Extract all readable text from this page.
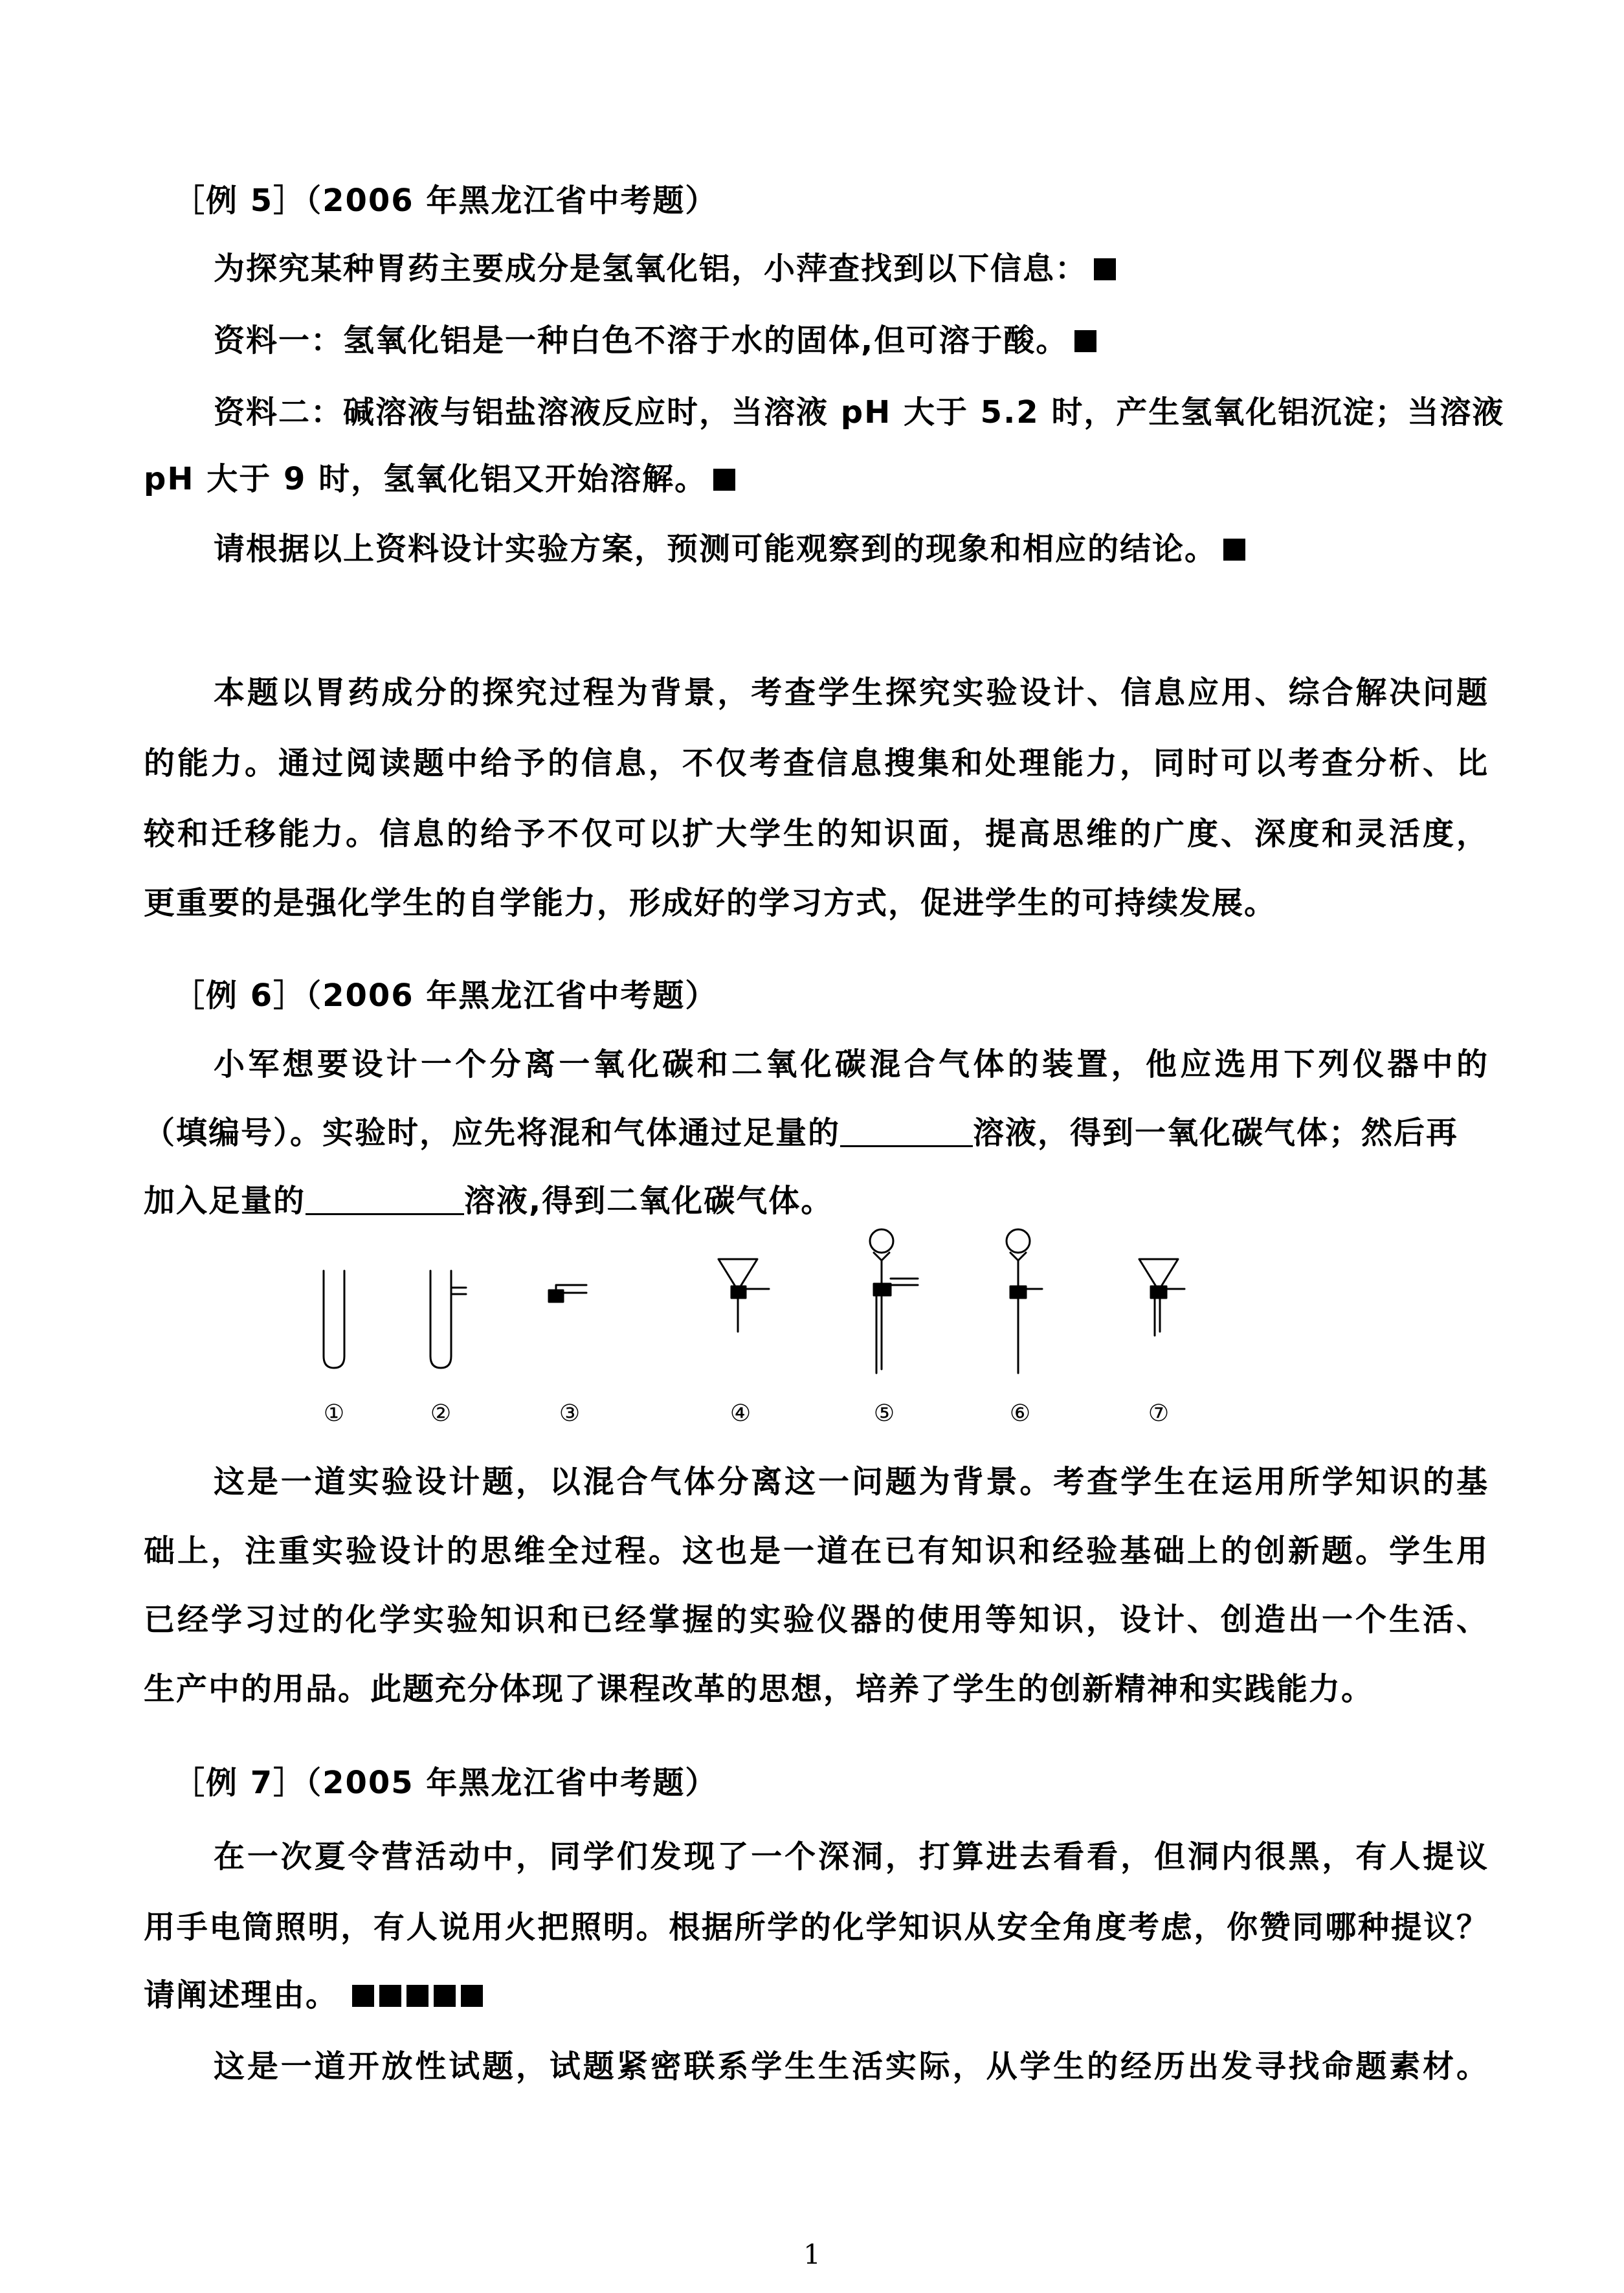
［例 5］（2006 年黑龙江省中考题）
为探究某种胃药主要成分是氢氧化铝，小萍查找到以下信息：
资料一：氢氧化铝是一种白色不溶于水的固体,但可溶于酸。
资料二：碱溶液与铝盐溶液反应时，当溶液 pH 大于 5.2 时，产生氢氧化铝沉淀；当溶液
pH 大于 9 时，氢氧化铝又开始溶解。
请根据以上资料设计实验方案，预测可能观察到的现象和相应的结论。
本题以胃药成分的探究过程为背景，考查学生探究实验设计、信息应用、综合解决问题
的能力。通过阅读题中给予的信息，不仅考查信息搜集和处理能力，同时可以考查分析、比
较和迁移能力。信息的给予不仅可以扩大学生的知识面，提高思维的广度、深度和灵活度，
更重要的是强化学生的自学能力，形成好的学习方式，促进学生的可持续发展。
［例 6］（2006 年黑龙江省中考题）
小军想要设计一个分离一氧化碳和二氧化碳混合气体的装置，他应选用下列仪器中的
（填编号）。实验时，应先将混和气体通过足量的	溶液，得到一氧化碳气体；然后再
加入足量的	溶液,得到二氧化碳气体。
①	②	③	④	⑤	⑥	⑦
这是一道实验设计题，以混合气体分离这一问题为背景。考查学生在运用所学知识的基
础上，注重实验设计的思维全过程。这也是一道在已有知识和经验基础上的创新题。学生用
已经学习过的化学实验知识和已经掌握的实验仪器的使用等知识，设计、创造出一个生活、
生产中的用品。此题充分体现了课程改革的思想，培养了学生的创新精神和实践能力。
［例 7］（2005 年黑龙江省中考题）
在一次夏令营活动中，同学们发现了一个深洞，打算进去看看，但洞内很黑，有人提议
用手电筒照明，有人说用火把照明。根据所学的化学知识从安全角度考虑，你赞同哪种提议？
请阐述理由。
这是一道开放性试题，试题紧密联系学生生活实际，从学生的经历出发寻找命题素材。
1
